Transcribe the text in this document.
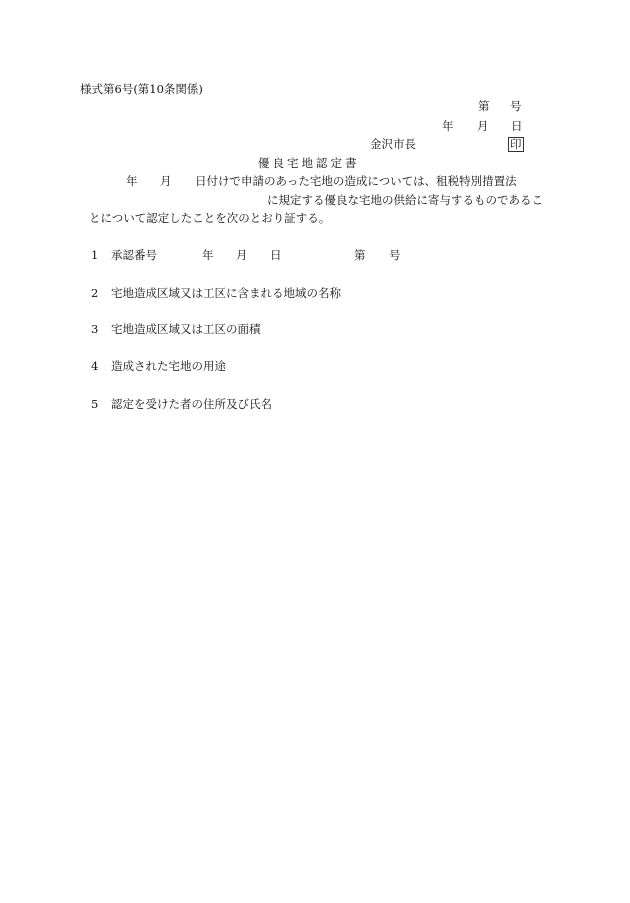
様式第6号(第10条関係)
第 号
年 月 日
金沢市長	印
優良宅地認定書
年 月 日付けで申請のあった宅地の造成については、租税特別措置法
に規定する優良な宅地の供給に寄与するものであるこ
とについて認定したことを次のとおり証する。
1 承認番号	年 月 日	第 号
2 宅地造成区域又は工区に含まれる地域の名称
3 宅地造成区域又は工区の面積
4 造成された宅地の用途
5 認定を受けた者の住所及び氏名
